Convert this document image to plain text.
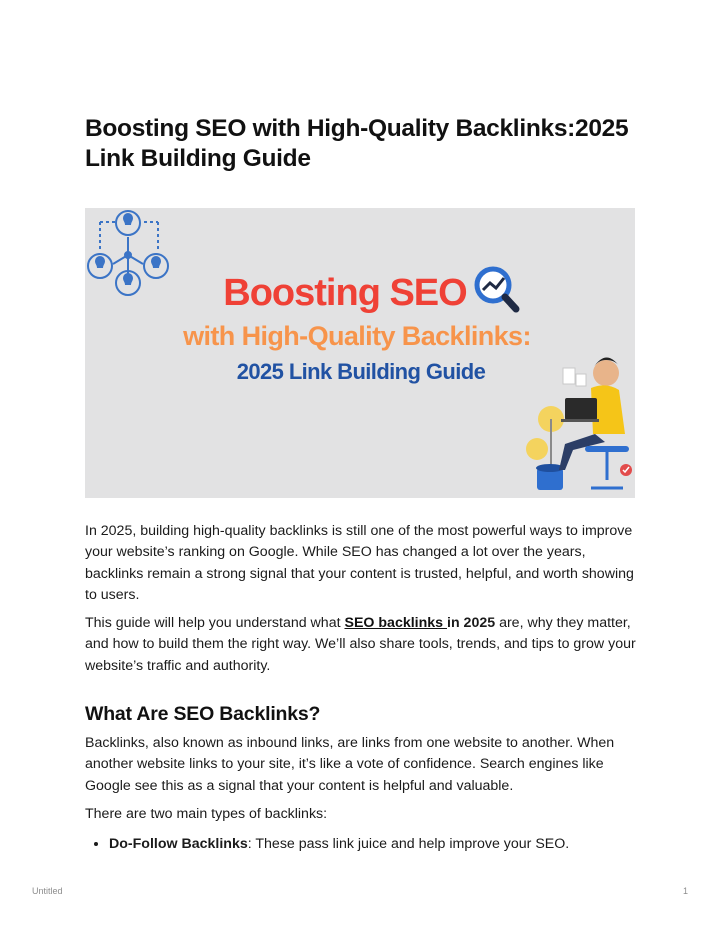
Boosting SEO with High-Quality Backlinks:2025 Link Building Guide
Boosting SEO
with High-Quality Backlinks:
2025 Link Building Guide

In 2025, building high-quality backlinks is still one of the most powerful ways to improve your website’s ranking on Google. While SEO has changed a lot over the years, backlinks remain a strong signal that your content is trusted, helpful, and worth showing to users.

This guide will help you understand what SEO backlinks in 2025 are, why they matter, and how to build them the right way. We’ll also share tools, trends, and tips to grow your website’s traffic and authority.

What Are SEO Backlinks?

Backlinks, also known as inbound links, are links from one website to another. When another website links to your site, it’s like a vote of confidence. Search engines like Google see this as a signal that your content is helpful and valuable.

There are two main types of backlinks:

• Do-Follow Backlinks: These pass link juice and help improve your SEO.
Untitled	1
